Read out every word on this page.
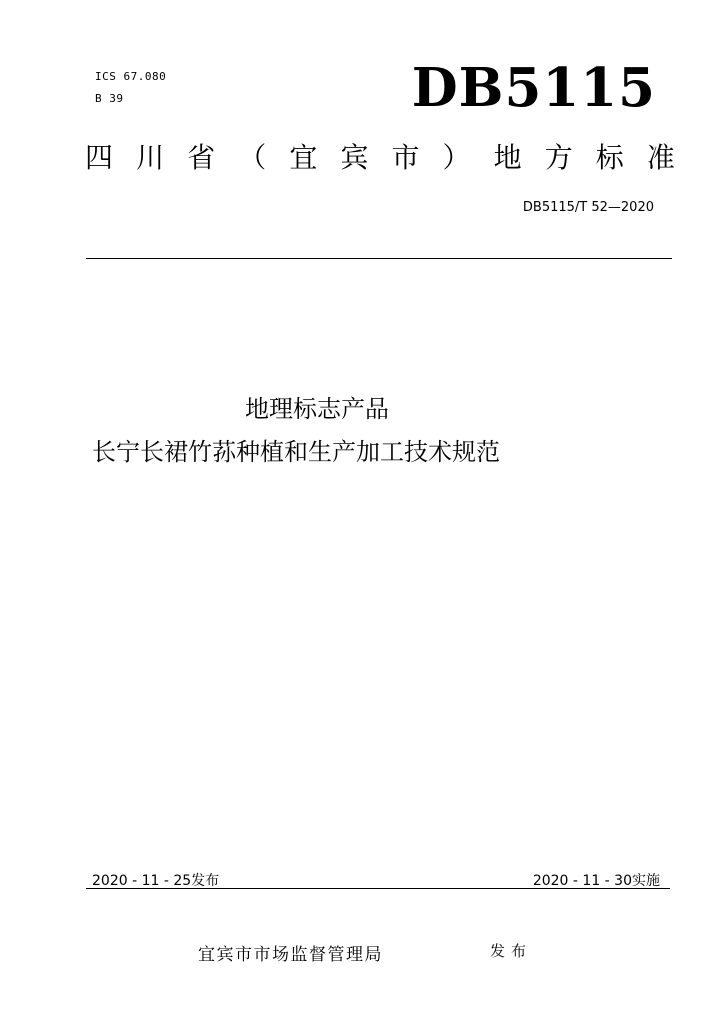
ICS 67.080
B 39	DB5115
四 川 省 （ 宜 宾 市 ） 地 方 标 准
DB5115/T 52—2020
地理标志产品
长宁长裙竹荪种植和生产加工技术规范
2020 - 11 - 25发布	2020 - 11 - 30实施
宜宾市市场监督管理局	发布
